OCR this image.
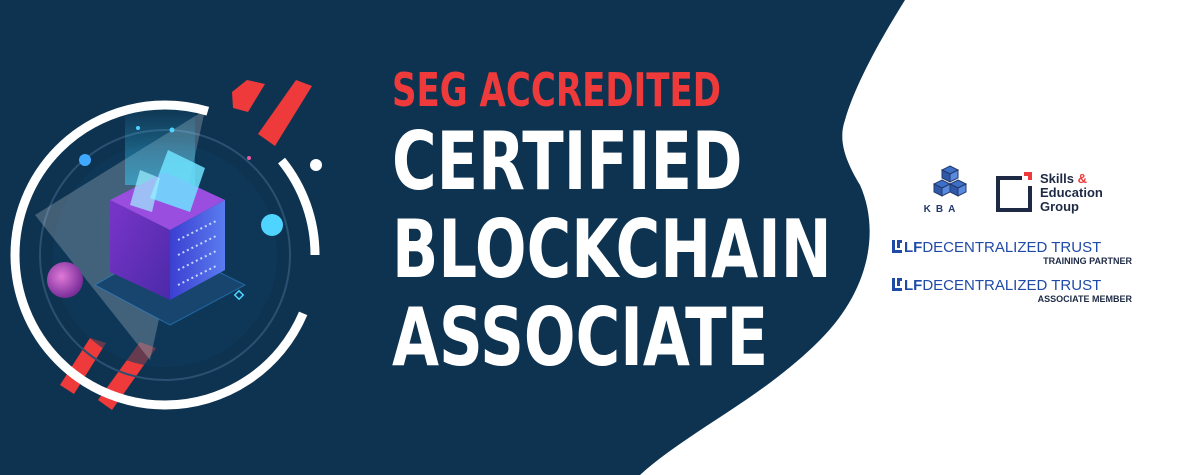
SEG ACCREDITED
CERTIFIED
BLOCKCHAIN
ASSOCIATE
KBA
Skills &
Education
Group
LFDECENTRALIZED TRUST
TRAINING PARTNER
LFDECENTRALIZED TRUST
ASSOCIATE MEMBER
